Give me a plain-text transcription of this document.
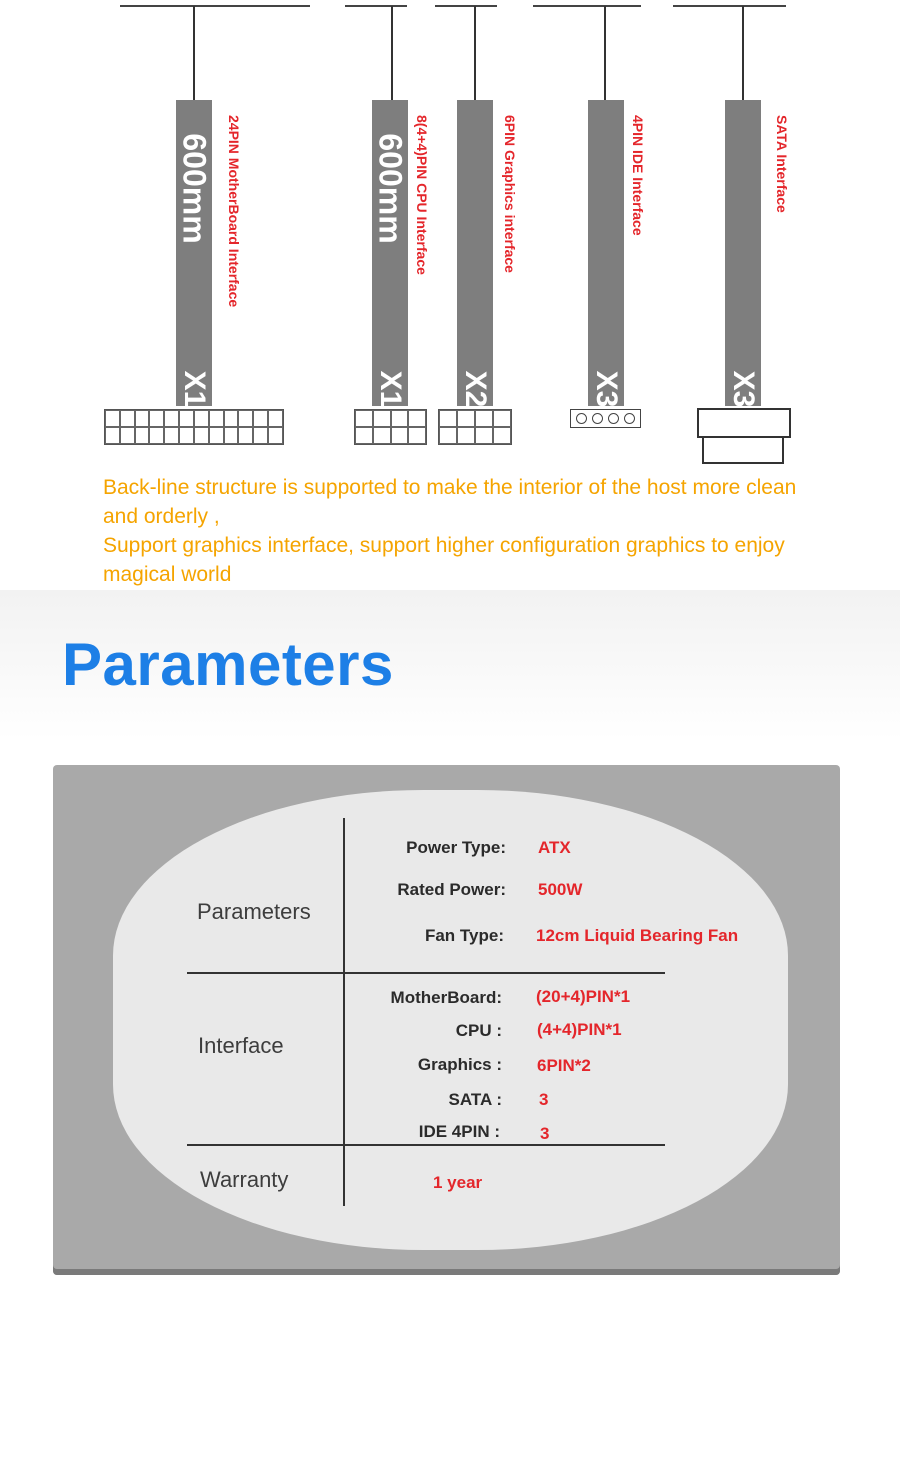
600mm
X1
24PIN MotherBoard Interface	600mm
X1
8(4+4)PIN CPU Interface
X2
6PIN Graphics interface
X3
4PIN IDE Interface
X3
SATA Interface

Back-line structure is supported to make the interior of the host more clean and orderly ,

Support graphics interface, support higher configuration graphics to enjoy magical world

Parameters
Parameters
Power Type: ATX
Rated Power: 500W
Fan Type: 12cm Liquid Bearing Fan
Interface
MotherBoard: (20+4)PIN*1
CPU : (4+4)PIN*1
Graphics : 6PIN*2
SATA : 3
IDE 4PIN : 3
Warranty	1 year
